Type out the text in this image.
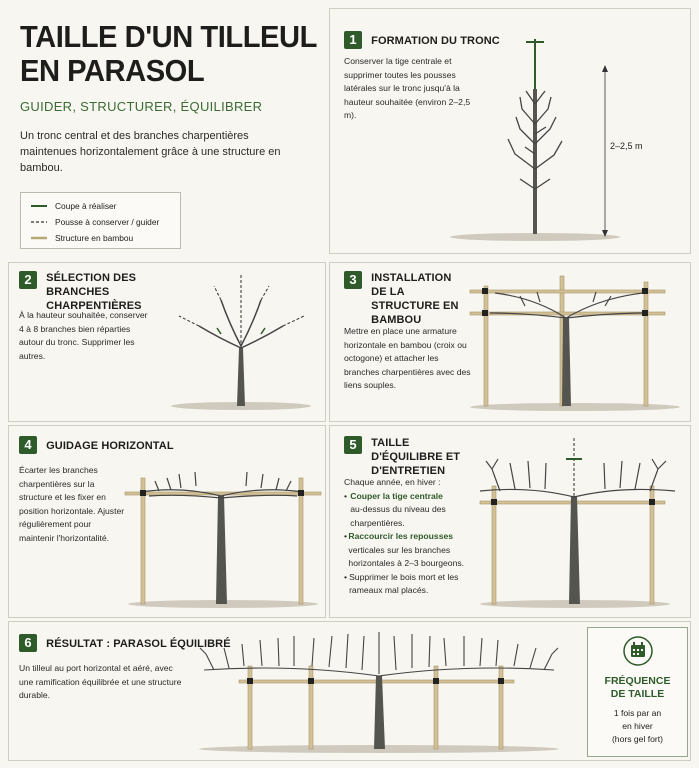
TAILLE D'UN TILLEUL
EN PARASOL
GUIDER, STRUCTURER, ÉQUILIBRER
Un tronc central et des branches charpentières maintenues horizontalement grâce à une structure en bambou.
Coupe à réaliser
Pousse à conserver / guider
Structure en bambou
1 FORMATION DU TRONC
Conserver la tige centrale et supprimer toutes les pousses latérales sur le tronc jusqu'à la hauteur souhaitée (environ 2–2,5 m).
2–2,5 m
2 SÉLECTION DES BRANCHES CHARPENTIÈRES
À la hauteur souhaitée, conserver 4 à 8 branches bien réparties autour du tronc. Supprimer les autres.
3 INSTALLATION DE LA STRUCTURE EN BAMBOU
Mettre en place une armature horizontale en bambou (croix ou octogone) et attacher les branches charpentières avec des liens souples.
4 GUIDAGE HORIZONTAL
Écarter les branches charpentières sur la structure et les fixer en position horizontale. Ajuster régulièrement pour maintenir l'horizontalité.
5 TAILLE D'ÉQUILIBRE ET D'ENTRETIEN
Chaque année, en hiver :
• Couper la tige centrale
au-dessus du niveau des charpentières.
• Raccourcir les repousses
verticales sur les branches horizontales à 2–3 bourgeons.
• Supprimer le bois mort et les rameaux mal placés.
6 RÉSULTAT : PARASOL ÉQUILIBRÉ
Un tilleul au port horizontal et aéré, avec une ramification équilibrée et une structure durable.
FRÉQUENCE
DE TAILLE
1 fois par an
en hiver
(hors gel fort)
